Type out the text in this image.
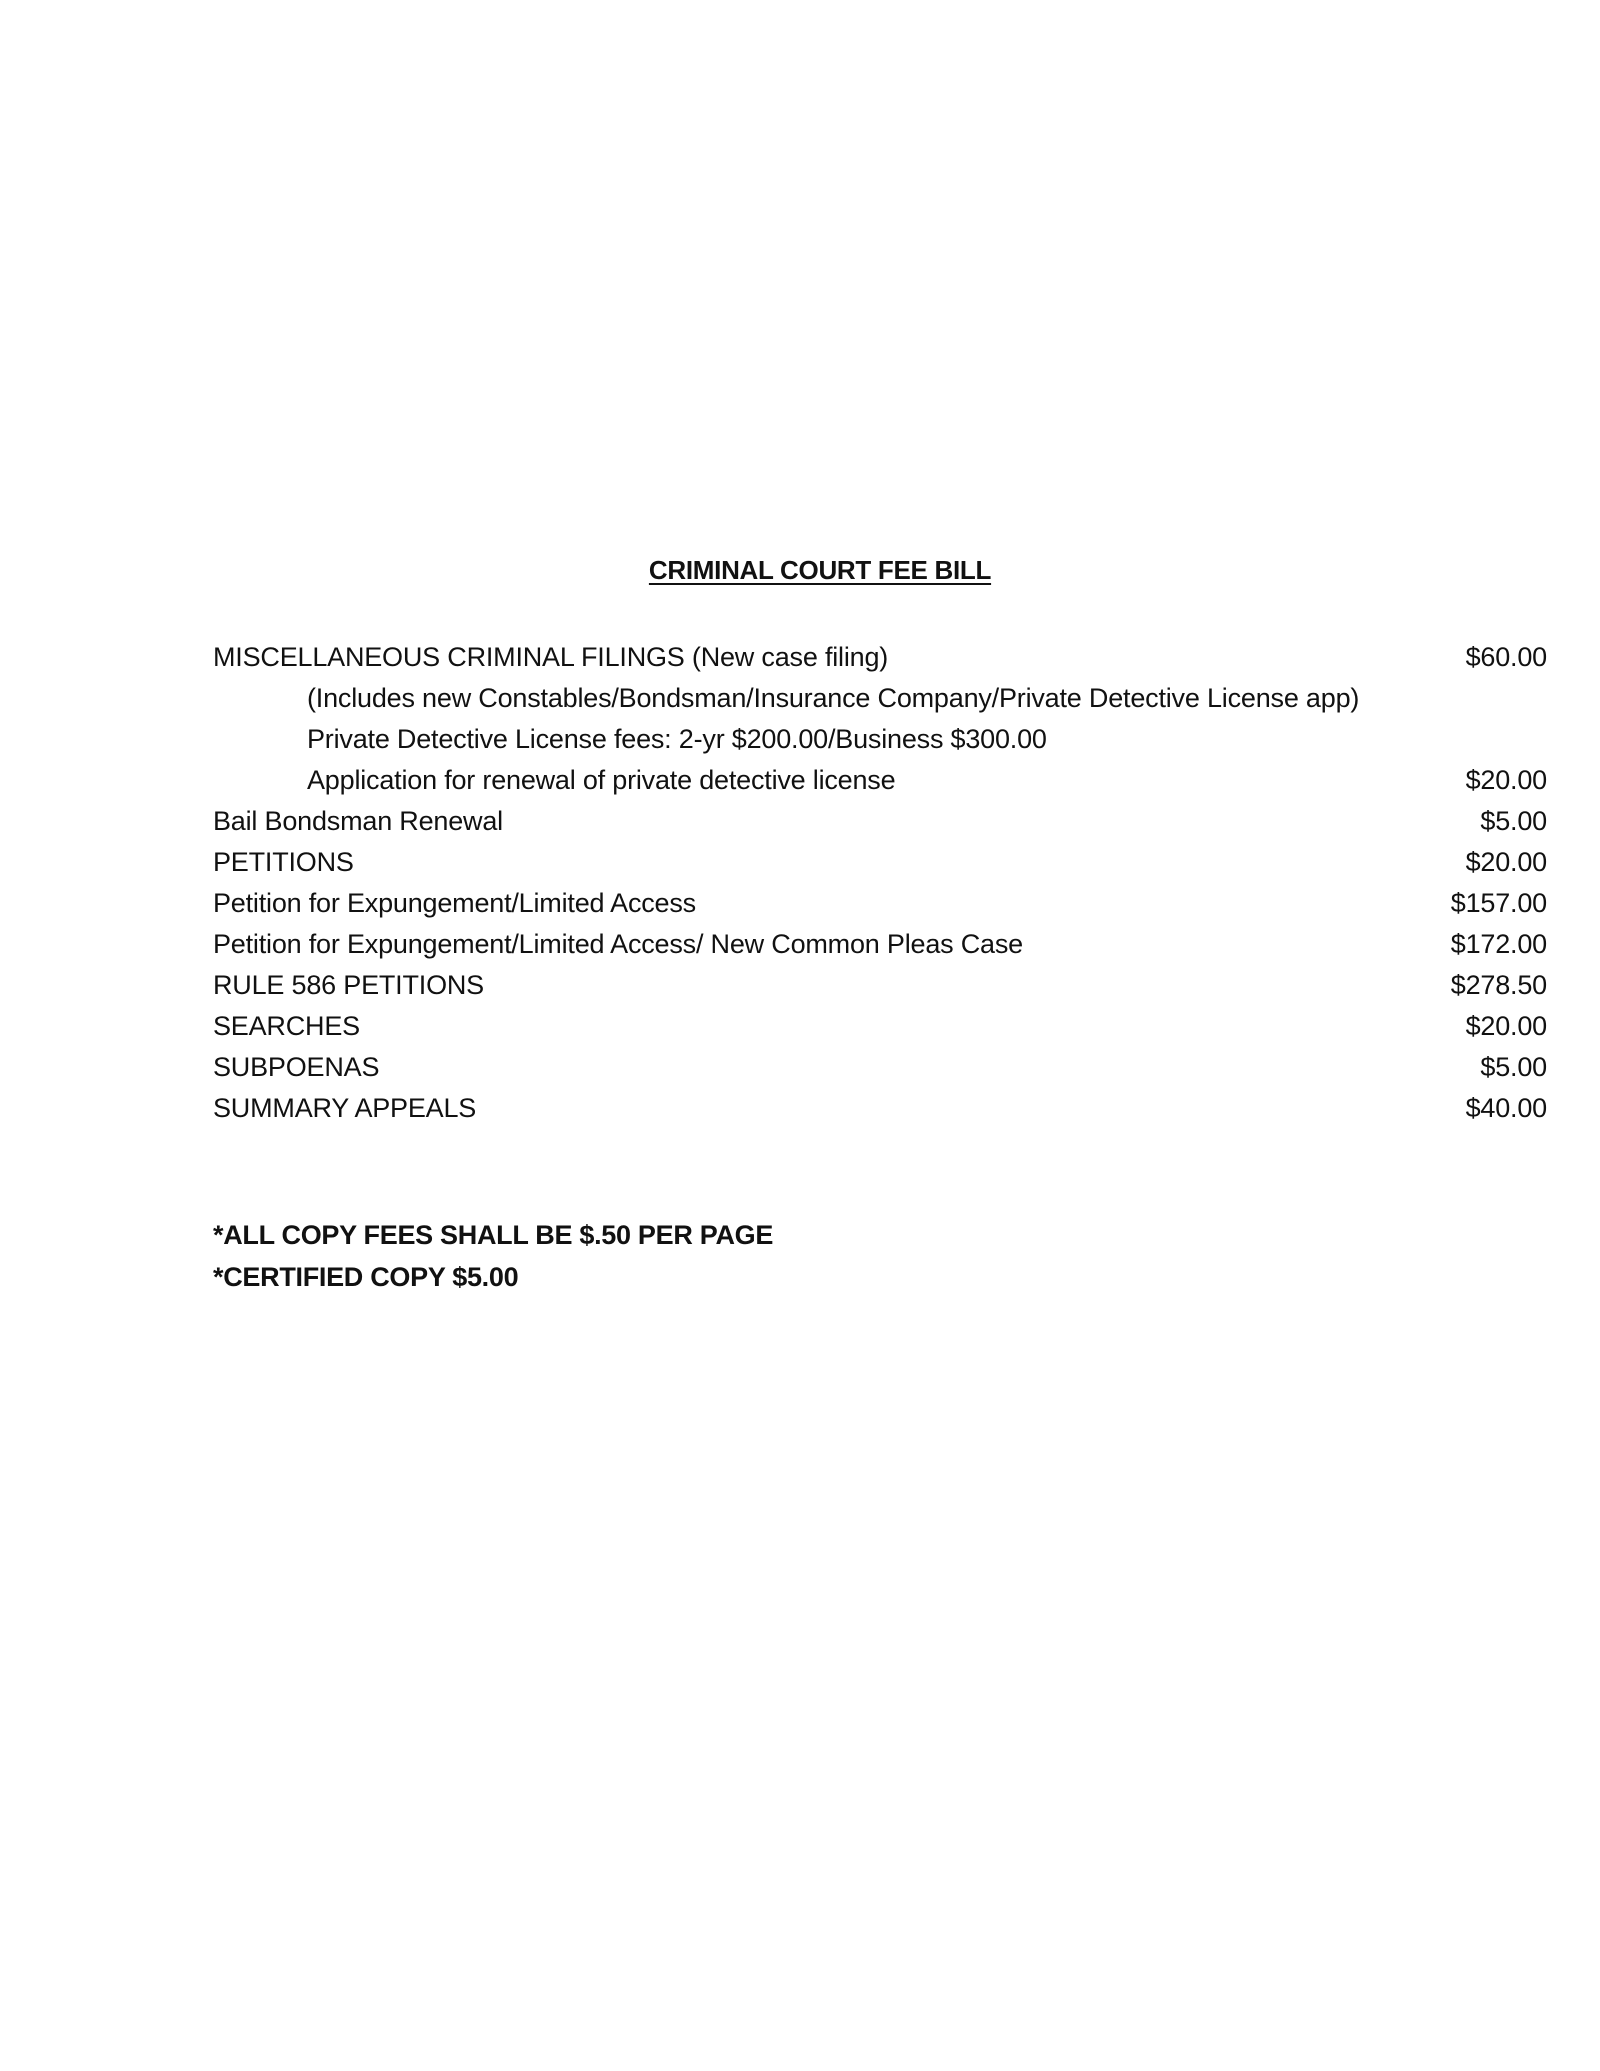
CRIMINAL COURT FEE BILL
MISCELLANEOUS CRIMINAL FILINGS (New case filing)	$60.00
(Includes new Constables/Bondsman/Insurance Company/Private Detective License app)
Private Detective License fees: 2-yr $200.00/Business $300.00
Application for renewal of private detective license	$20.00
Bail Bondsman Renewal	$5.00
PETITIONS	$20.00
Petition for Expungement/Limited Access	$157.00
Petition for Expungement/Limited Access/ New Common Pleas Case	$172.00
RULE 586 PETITIONS	$278.50
SEARCHES	$20.00
SUBPOENAS	$5.00
SUMMARY APPEALS	$40.00
*ALL COPY FEES SHALL BE $.50 PER PAGE
*CERTIFIED COPY $5.00
